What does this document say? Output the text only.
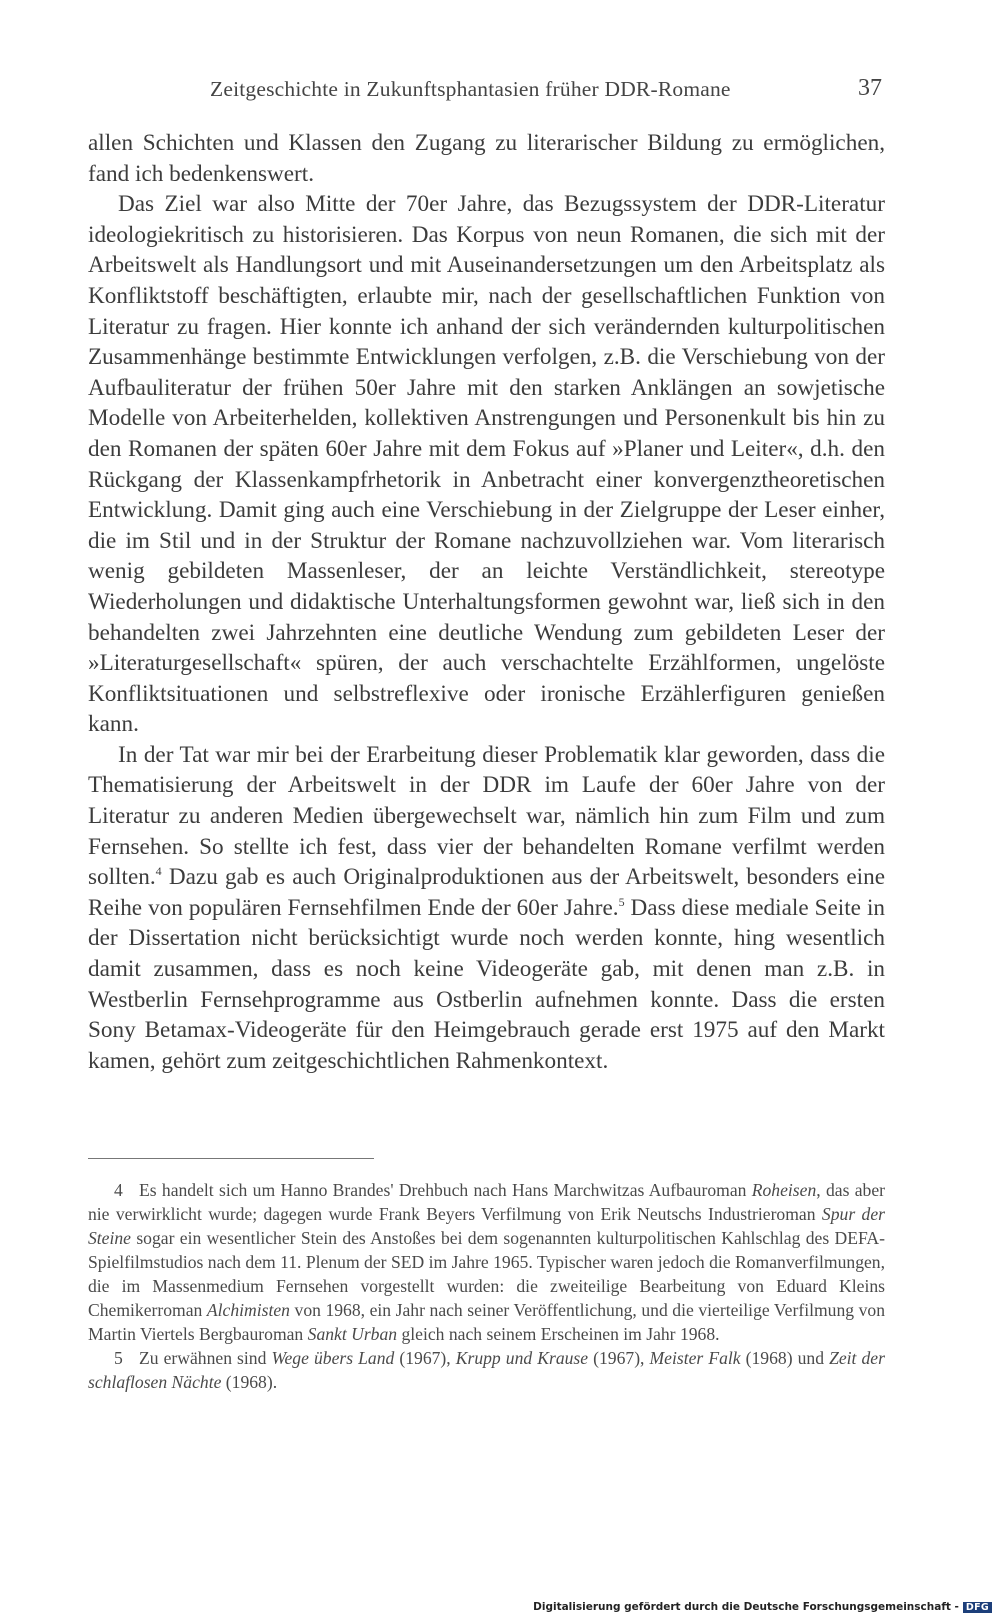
Zeitgeschichte in Zukunftsphantasien früher DDR-Romane	37

allen Schichten und Klassen den Zugang zu literarischer Bildung zu ermöglichen, fand ich bedenkenswert.

Das Ziel war also Mitte der 70er Jahre, das Bezugssystem der DDR-Literatur ideologiekritisch zu historisieren. Das Korpus von neun Romanen, die sich mit der Arbeitswelt als Handlungsort und mit Auseinandersetzungen um den Arbeitsplatz als Konfliktstoff beschäftigten, erlaubte mir, nach der gesellschaftlichen Funktion von Literatur zu fragen. Hier konnte ich anhand der sich verändernden kulturpolitischen Zusammenhänge bestimmte Entwicklungen verfolgen, z.B. die Verschiebung von der Aufbauliteratur der frühen 50er Jahre mit den starken Anklängen an sowjetische Modelle von Arbeiterhelden, kollektiven Anstrengungen und Personenkult bis hin zu den Romanen der späten 60er Jahre mit dem Fokus auf »Planer und Leiter«, d.h. den Rückgang der Klassenkampfrhetorik in Anbetracht einer konvergenztheoretischen Entwicklung. Damit ging auch eine Verschiebung in der Zielgruppe der Leser einher, die im Stil und in der Struktur der Romane nachzuvollziehen war. Vom literarisch wenig gebildeten Massenleser, der an leichte Verständlichkeit, stereotype Wiederholungen und didaktische Unterhaltungsformen gewohnt war, ließ sich in den behandelten zwei Jahrzehnten eine deutliche Wendung zum gebildeten Leser der »Literaturgesellschaft« spüren, der auch verschachtelte Erzählformen, ungelöste Konfliktsituationen und selbstreflexive oder ironische Erzählerfiguren genießen kann.

In der Tat war mir bei der Erarbeitung dieser Problematik klar geworden, dass die Thematisierung der Arbeitswelt in der DDR im Laufe der 60er Jahre von der Literatur zu anderen Medien übergewechselt war, nämlich hin zum Film und zum Fernsehen. So stellte ich fest, dass vier der behandelten Romane verfilmt werden sollten.$^4$ Dazu gab es auch Originalproduktionen aus der Arbeitswelt, besonders eine Reihe von populären Fernsehfilmen Ende der 60er Jahre.$^5$ Dass diese mediale Seite in der Dissertation nicht berücksichtigt wurde noch werden konnte, hing wesentlich damit zusammen, dass es noch keine Videogeräte gab, mit denen man z.B. in Westberlin Fernsehprogramme aus Ostberlin aufnehmen konnte. Dass die ersten Sony Betamax-Videogeräte für den Heimgebrauch gerade erst 1975 auf den Markt kamen, gehört zum zeitgeschichtlichen Rahmenkontext.

4 Es handelt sich um Hanno Brandes' Drehbuch nach Hans Marchwitzas Aufbauroman Roheisen, das aber nie verwirklicht wurde; dagegen wurde Frank Beyers Verfilmung von Erik Neutschs Industrieroman Spur der Steine sogar ein wesentlicher Stein des Anstoßes bei dem sogenannten kulturpolitischen Kahlschlag des DEFA-Spielfilmstudios nach dem 11. Plenum der SED im Jahre 1965. Typischer waren jedoch die Romanverfilmungen, die im Massenmedium Fernsehen vorgestellt wurden: die zweiteilige Bearbeitung von Eduard Kleins Chemikerroman Alchimisten von 1968, ein Jahr nach seiner Veröffentlichung, und die vierteilige Verfilmung von Martin Viertels Bergbauroman Sankt Urban gleich nach seinem Erscheinen im Jahr 1968.

5 Zu erwähnen sind Wege übers Land (1967), Krupp und Krause (1967), Meister Falk (1968) und Zeit der schlaflosen Nächte (1968).

Digitalisierung gefördert durch die Deutsche Forschungsgemeinschaft - DFG
